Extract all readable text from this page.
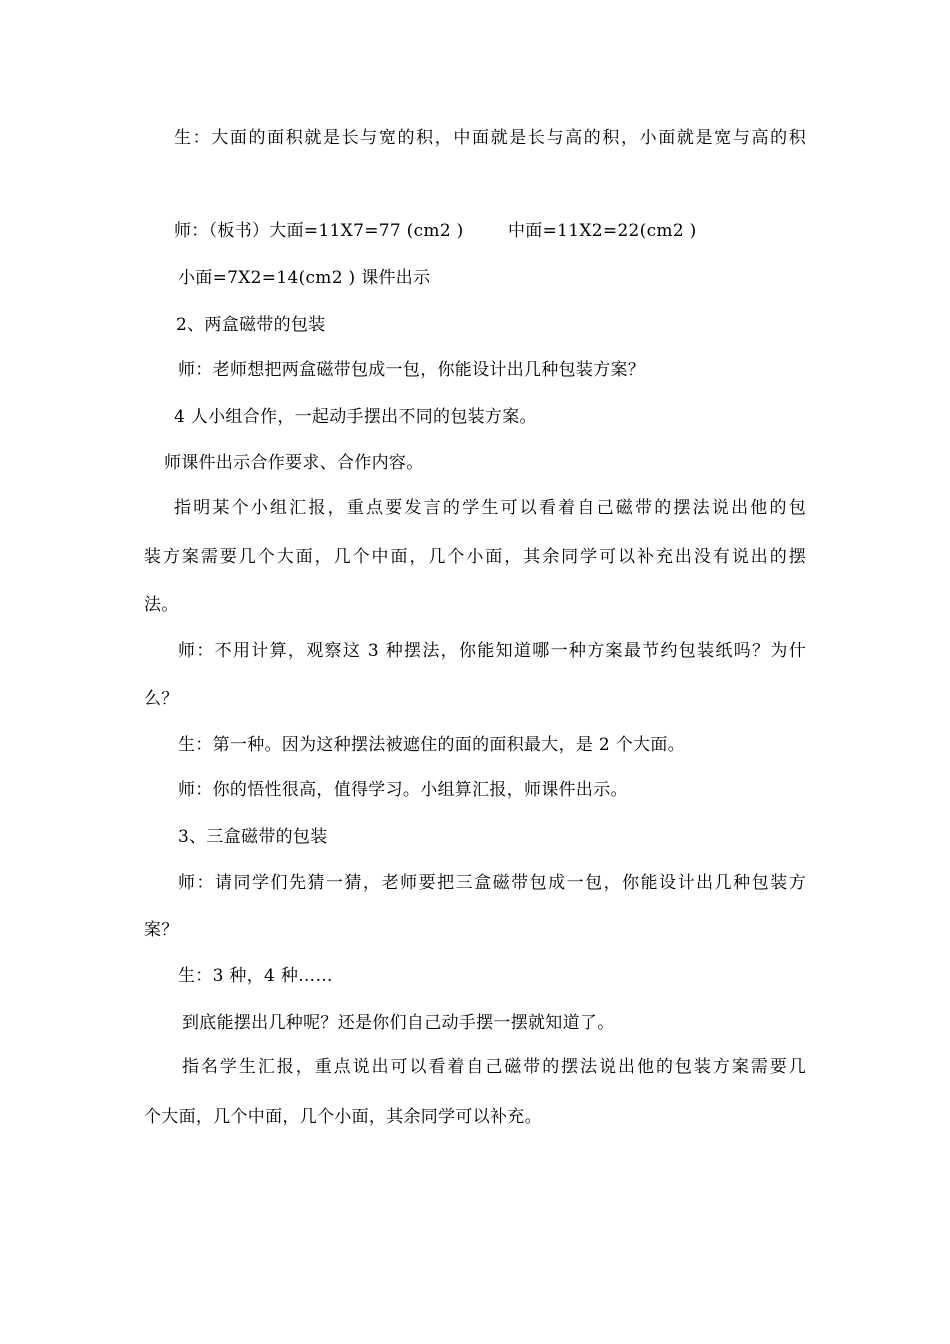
生：大面的面积就是长与宽的积，中面就是长与高的积，小面就是宽与高的积
师：（板书）大面=11X7=77 (cm2 )	中面=11X2=22(cm2 )
小面=7X2=14(cm2 ) 课件出示
2、两盒磁带的包装
师：老师想把两盒磁带包成一包，你能设计出几种包装方案？
4 人小组合作，一起动手摆出不同的包装方案。
师课件出示合作要求、合作内容。
指明某个小组汇报，重点要发言的学生可以看着自己磁带的摆法说出他的包
装方案需要几个大面，几个中面，几个小面，其余同学可以补充出没有说出的摆
法。
师：不用计算，观察这 3 种摆法，你能知道哪一种方案最节约包装纸吗？为什
么？
生：第一种。因为这种摆法被遮住的面的面积最大，是 2 个大面。
师：你的悟性很高，值得学习。小组算汇报，师课件出示。
3、三盒磁带的包装
师：请同学们先猜一猜，老师要把三盒磁带包成一包，你能设计出几种包装方
案？
生：3 种，4 种……
到底能摆出几种呢？还是你们自己动手摆一摆就知道了。
指名学生汇报，重点说出可以看着自己磁带的摆法说出他的包装方案需要几
个大面，几个中面，几个小面，其余同学可以补充。
